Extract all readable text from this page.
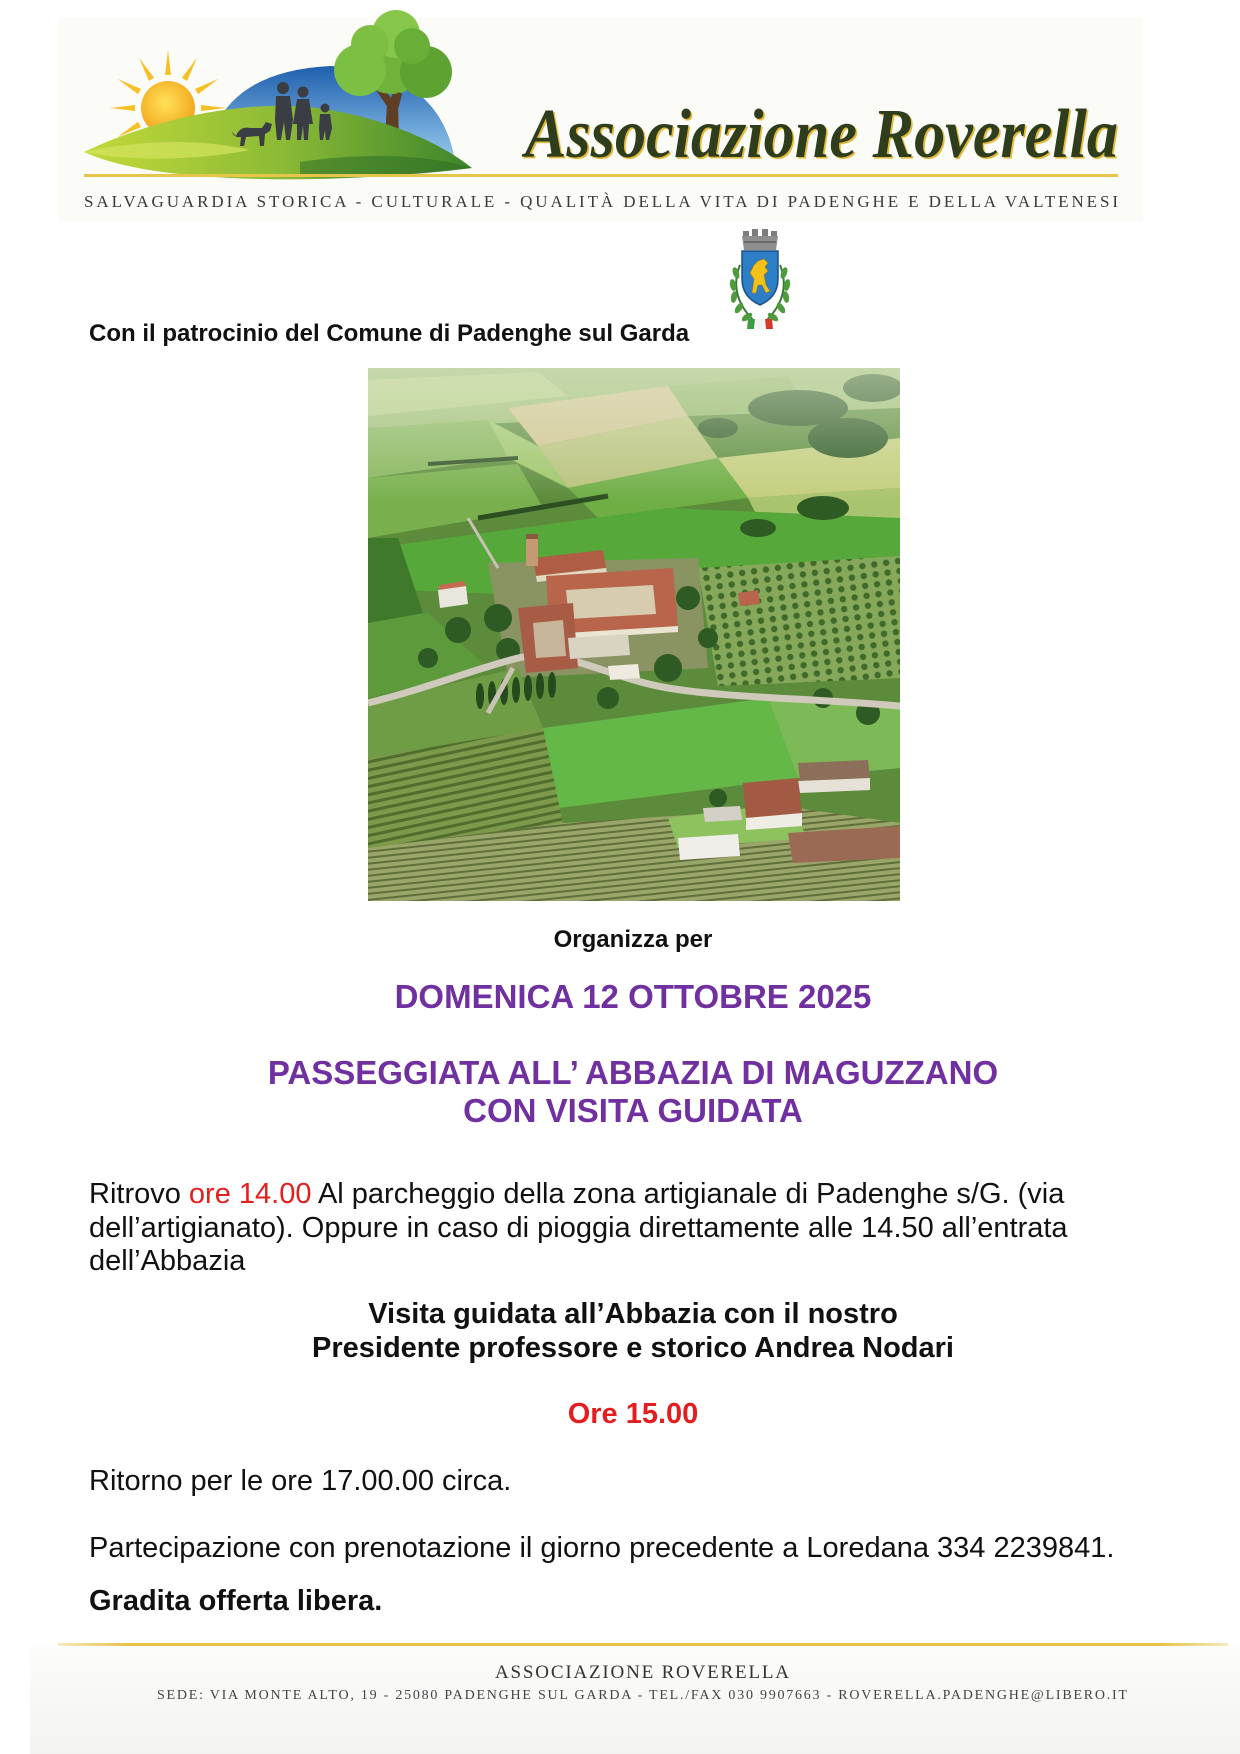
Associazione Roverella
SALVAGUARDIA STORICA - CULTURALE - QUALITÀ DELLA VITA DI PADENGHE E DELLA VALTENESI
Con il patrocinio del Comune di Padenghe sul Garda
Organizza per
DOMENICA 12 OTTOBRE 2025
PASSEGGIATA ALL’ ABBAZIA DI MAGUZZANO
CON VISITA GUIDATA
Ritrovo ore 14.00 Al parcheggio della zona artigianale di Padenghe s/G. (via dell’artigianato). Oppure in caso di pioggia direttamente alle 14.50 all’entrata dell’Abbazia
Visita guidata all’Abbazia con il nostro
Presidente professore e storico Andrea Nodari
Ore 15.00
Ritorno per le ore 17.00.00 circa.
Partecipazione con prenotazione il giorno precedente a Loredana 334 2239841.
Gradita offerta libera.
ASSOCIAZIONE ROVERELLA
SEDE: VIA MONTE ALTO, 19 - 25080 PADENGHE SUL GARDA - TEL./FAX 030 9907663 - ROVERELLA.PADENGHE@LIBERO.IT
